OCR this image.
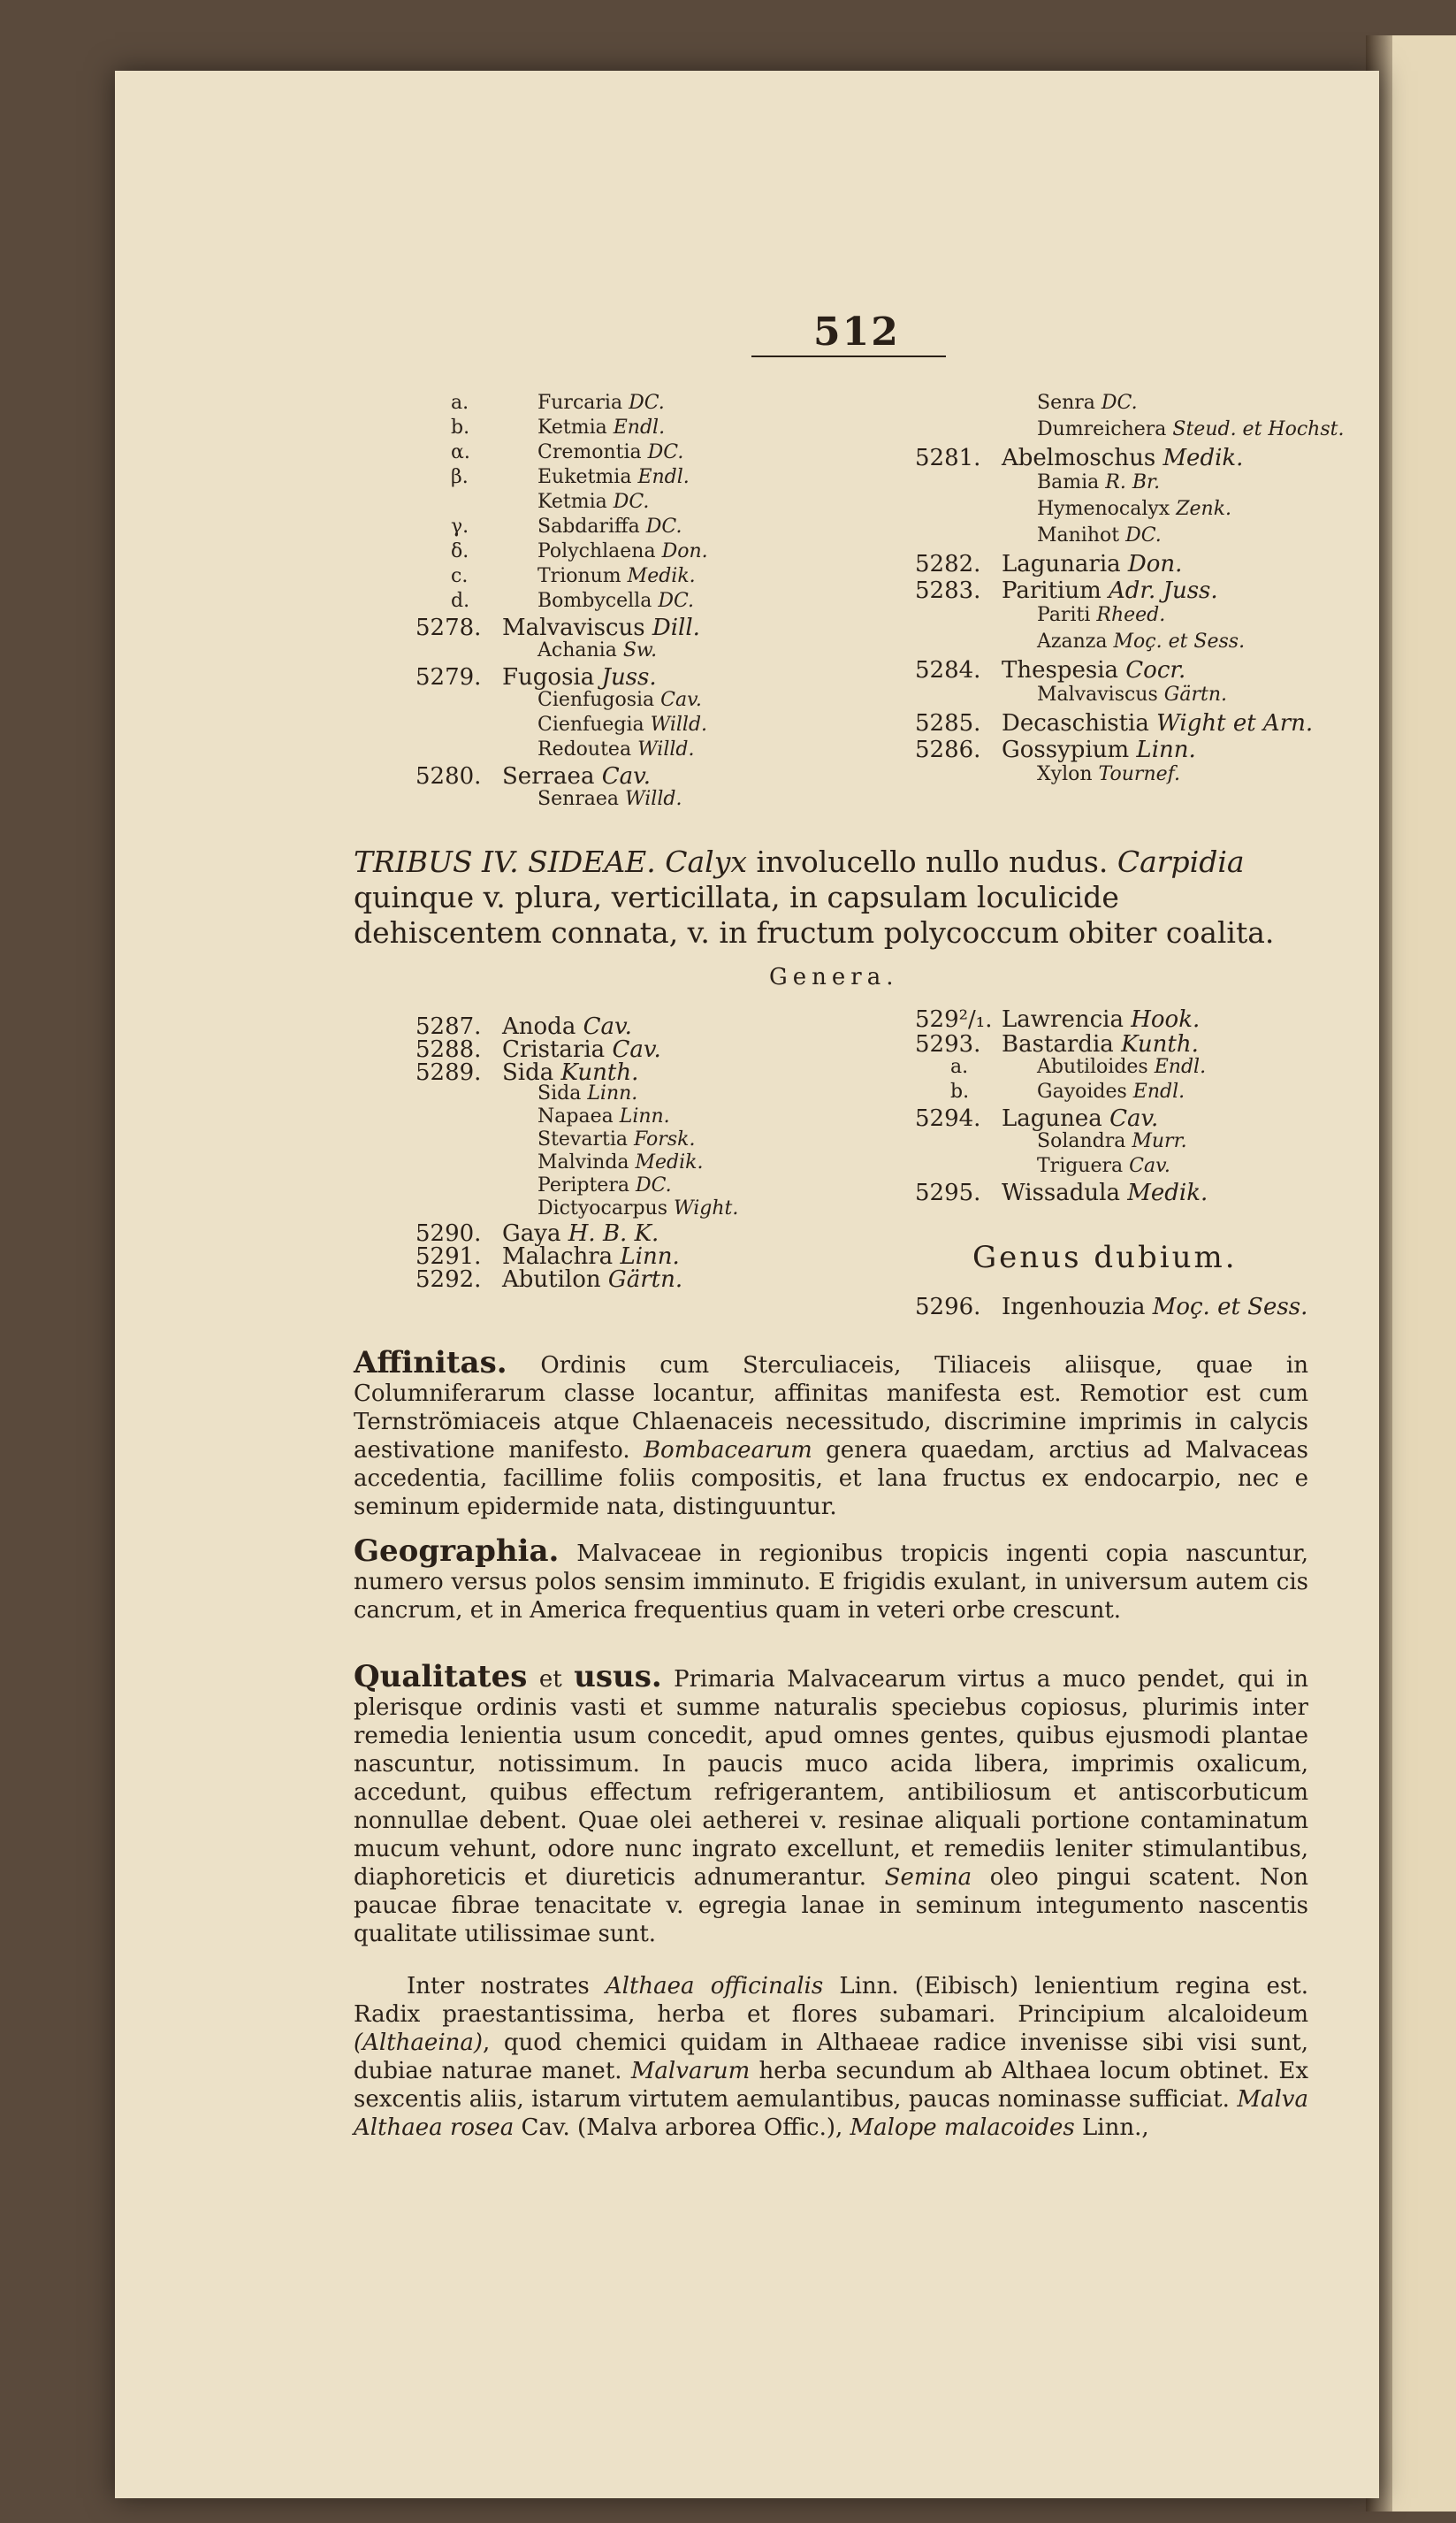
512
a.	Furcaria DC.
b.	Ketmia Endl.
α.	Cremontia DC.
β.	Euketmia Endl.
Ketmia DC.
γ.	Sabdariffa DC.
δ.	Polychlaena Don.
c.	Trionum Medik.
d.	Bombycella DC.
5278. Malvaviscus Dill.
Achania Sw.
5279. Fugosia Juss.
Cienfugosia Cav.
Cienfuegia Willd.
Redoutea Willd.
5280. Serraea Cav.
Senraea Willd.
Senra DC.
Dumreichera Steud. et Hochst.
5281. Abelmoschus Medik.
Bamia R. Br.
Hymenocalyx Zenk.
Manihot DC.
5282. Lagunaria Don.
5283. Paritium Adr. Juss.
Pariti Rheed.
Azanza Moç. et Sess.
5284. Thespesia Cocr.
Malvaviscus Gärtn.
5285. Decaschistia Wight et Arn.
5286. Gossypium Linn.
Xylon Tournef.
TRIBUS IV. SIDEAE. Calyx involucello nullo nudus. Carpidia quinque v. plura, verticillata, in capsulam loculicide dehiscentem connata, v. in fructum polycoccum obiter coalita.
Genera.
5287. Anoda Cav.
5288. Cristaria Cav.
5289. Sida Kunth.
Sida Linn.
Napaea Linn.
Stevartia Forsk.
Malvinda Medik.
Periptera DC.
Dictyocarpus Wight.
5290. Gaya H. B. K.
5291. Malachra Linn.
5292. Abutilon Gärtn.
529²/₁. Lawrencia Hook.
5293. Bastardia Kunth.
a.	Abutiloides Endl.
b.	Gayoides Endl.
5294. Lagunea Cav.
Solandra Murr.
Triguera Cav.
5295. Wissadula Medik.
Genus dubium.
5296. Ingenhouzia Moç. et Sess.
Affinitas. Ordinis cum Sterculiaceis, Tiliaceis aliisque, quae in Columniferarum classe locantur, affinitas manifesta est. Remotior est cum Ternströmiaceis atque Chlaenaceis necessitudo, discrimine imprimis in calycis aestivatione manifesto. Bombacearum genera quaedam, arctius ad Malvaceas accedentia, facillime foliis compositis, et lana fructus ex endocarpio, nec e seminum epidermide nata, distinguuntur.
Geographia. Malvaceae in regionibus tropicis ingenti copia nascuntur, numero versus polos sensim imminuto. E frigidis exulant, in universum autem cis cancrum, et in America frequentius quam in veteri orbe crescunt.
Qualitates et usus. Primaria Malvacearum virtus a muco pendet, qui in plerisque ordinis vasti et summe naturalis speciebus copiosus, plurimis inter remedia lenientia usum concedit, apud omnes gentes, quibus ejusmodi plantae nascuntur, notissimum. In paucis muco acida libera, imprimis oxalicum, accedunt, quibus effectum refrigerantem, antibiliosum et antiscorbuticum nonnullae debent. Quae olei aetherei v. resinae aliquali portione contaminatum mucum vehunt, odore nunc ingrato excellunt, et remediis leniter stimulantibus, diaphoreticis et diureticis adnumerantur. Semina oleo pingui scatent. Non paucae fibrae tenacitate v. egregia lanae in seminum integumento nascentis qualitate utilissimae sunt.
Inter nostrates Althaea officinalis Linn. (Eibisch) lenientium regina est. Radix praestantissima, herba et flores subamari. Principium alcaloideum (Althaeina), quod chemici quidam in Althaeae radice invenisse sibi visi sunt, dubiae naturae manet. Malvarum herba secundum ab Althaea locum obtinet. Ex sexcentis aliis, istarum virtutem aemulantibus, paucas nominasse sufficiat. Malva Althaea rosea Cav. (Malva arborea Offic.), Malope malacoides Linn.,
